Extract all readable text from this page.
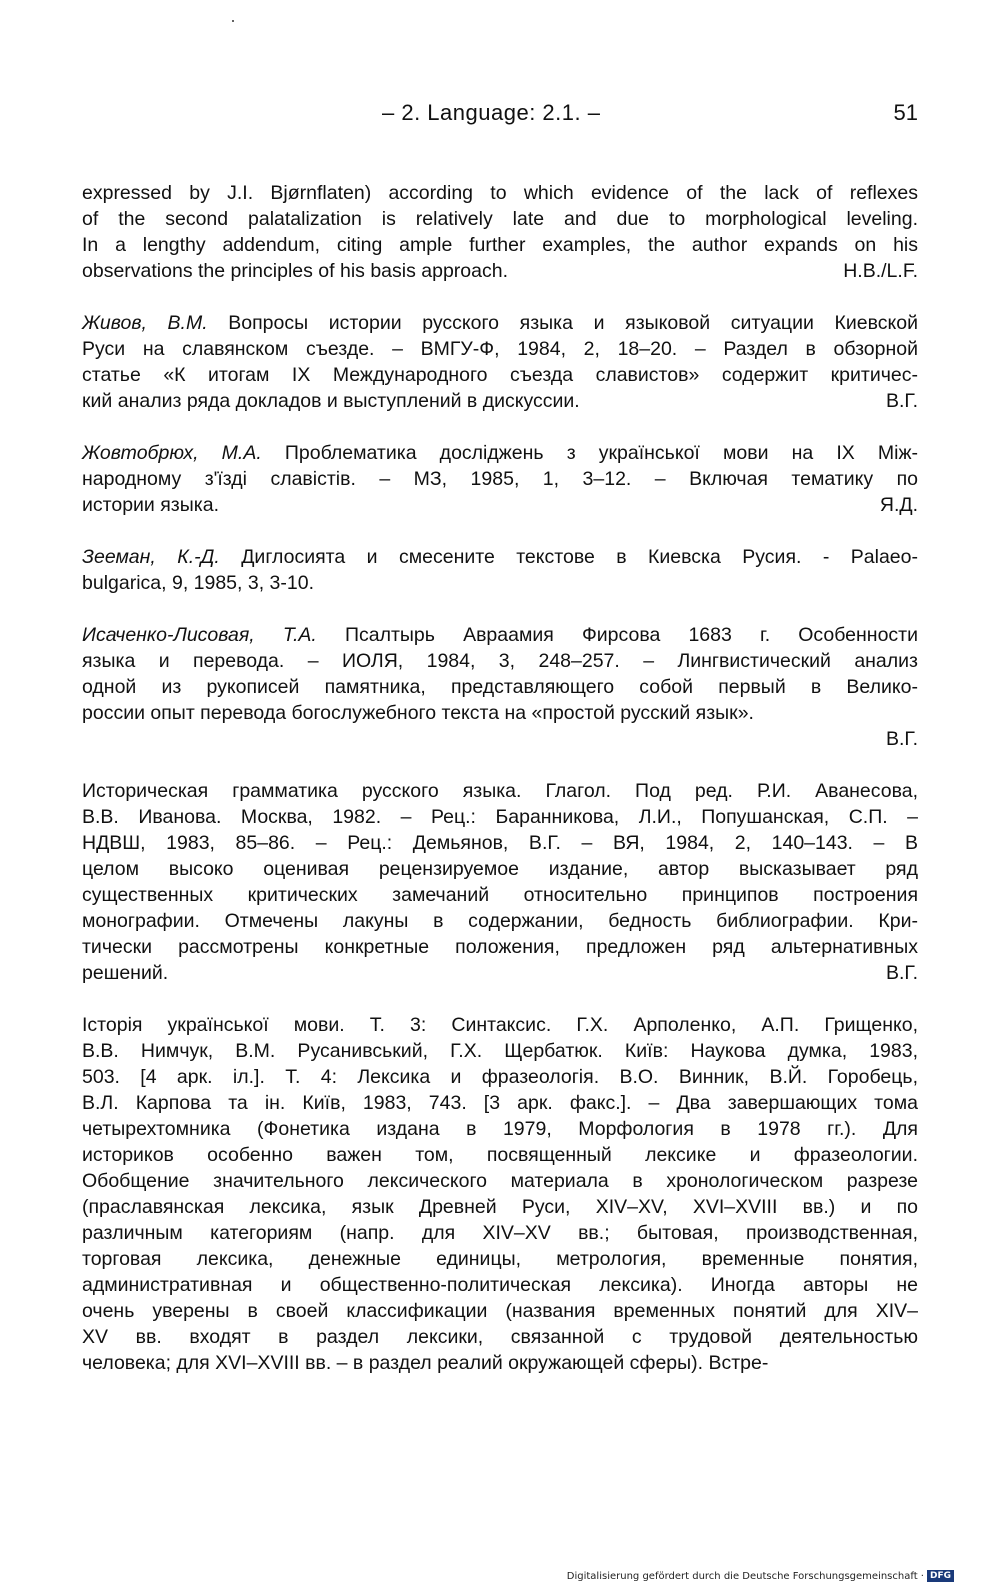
– 2. Language: 2.1. –	51
expressed by J.I. Bjørnflaten) according to which evidence of the lack of reflexes
of the second palatalization is relatively late and due to morphological leveling.
In a lengthy addendum, citing ample further examples, the author expands on his
observations the principles of his basis approach.	H.B./L.F.
Живов, В.М. Вопросы истории русского языка и языковой ситуации Киевской
Руси на славянском съезде. – ВМГУ-Ф, 1984, 2, 18–20. – Раздел в обзорной
статье «К итогам IX Международного съезда славистов» содержит критичес-
кий анализ ряда докладов и выступлений в дискуссии.	В.Г.
Жовтобрюх, М.А. Проблематика досліджень з української мови на IX Між-
народному з'їзді славістів. – МЗ, 1985, 1, 3–12. – Включая тематику по
истории языка.	Я.Д.
Зееман, К.-Д. Диглосията и смесените текстове в Киевска Русия. - Palaeo-
bulgarica, 9, 1985, 3, 3-10.
Исаченко-Лисовая, Т.А. Псалтырь Авраамия Фирсова 1683 г. Особенности
языка и перевода. – ИОЛЯ, 1984, 3, 248–257. – Лингвистический анализ
одной из рукописей памятника, представляющего собой первый в Велико-
россии опыт перевода богослужебного текста на «простой русский язык».
В.Г.
Историческая грамматика русского языка. Глагол. Под ред. Р.И. Аванесова,
В.В. Иванова. Москва, 1982. – Рец.: Баранникова, Л.И., Попушанская, С.П. –
НДВШ, 1983, 85–86. – Рец.: Демьянов, В.Г. – ВЯ, 1984, 2, 140–143. – В
целом высоко оценивая рецензируемое издание, автор высказывает ряд
существенных критических замечаний относительно принципов построения
монографии. Отмечены лакуны в содержании, бедность библиографии. Кри-
тически рассмотрены конкретные положения, предложен ряд альтернативных
решений.	В.Г.
Історія української мови. Т. 3: Синтаксис. Г.Х. Арполенко, А.П. Грищенко,
В.В. Нимчук, В.М. Русанивський, Г.Х. Щербатюк. Київ: Наукова думка, 1983,
503. [4 арк. іл.]. Т. 4: Лексика и фразеологія. В.О. Винник, В.Й. Горобець,
В.Л. Карпова та ін. Київ, 1983, 743. [3 арк. факс.]. – Два завершающих тома
четырехтомника (Фонетика издана в 1979, Морфология в 1978 гг.). Для
историков особенно важен том, посвященный лексике и фразеологии.
Обобщение значительного лексического материала в хронологическом разрезе
(праславянская лексика, язык Древней Руси, XIV–XV, XVI–XVIII вв.) и по
различным категориям (напр. для XIV–XV вв.; бытовая, производственная,
торговая лексика, денежные единицы, метрология, временные понятия,
административная и общественно-политическая лексика). Иногда авторы не
очень уверены в своей классификации (названия временных понятий для XIV–
XV вв. входят в раздел лексики, связанной с трудовой деятельностью
человека; для XVI–XVIII вв. – в раздел реалий окружающей сферы). Встре-
Digitalisierung gefördert durch die Deutsche Forschungsgemeinschaft · DFG
